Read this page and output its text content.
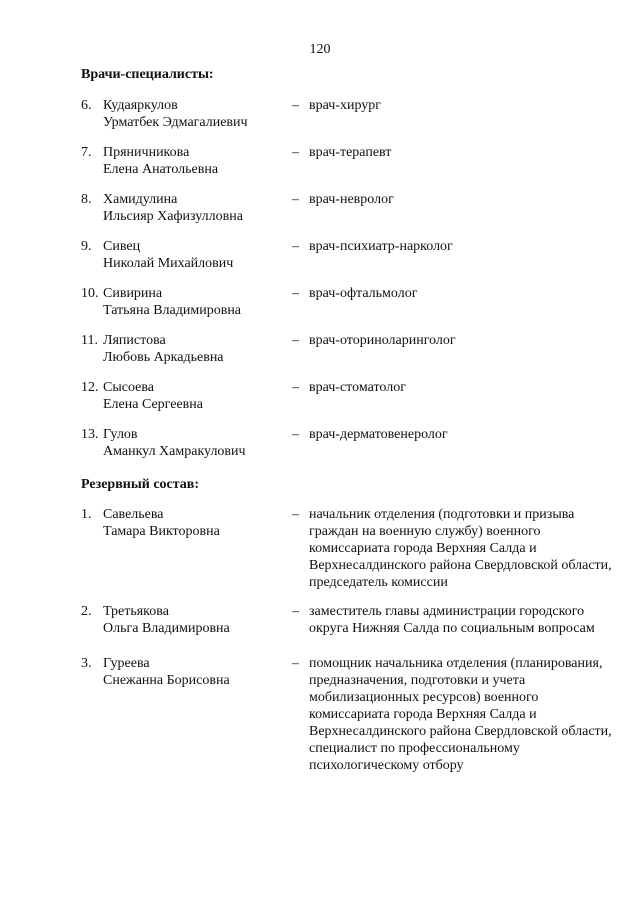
120
Врачи-специалисты:
6. Кудаяркулов
Урматбек Эдмагалиевич
– врач-хирург
7. Пряничникова
Елена Анатольевна
– врач-терапевт
8. Хамидулина
Ильсияр Хафизулловна
– врач-невролог
9. Сивец
Николай Михайлович
– врач-психиатр-нарколог
10. Сивирина
Татьяна Владимировна
– врач-офтальмолог
11. Ляпистова
Любовь Аркадьевна
– врач-оториноларинголог
12. Сысоева
Елена Сергеевна
– врач-стоматолог
13. Гулов
Аманкул Хамракулович
– врач-дерматовенеролог
Резервный состав:
1. Савельева
Тамара Викторовна
– начальник отделения (подготовки и призыва граждан на военную службу) военного комиссариата города Верхняя Салда и Верхнесалдинского района Свердловской области, председатель комиссии
2. Третьякова
Ольга Владимировна
– заместитель главы администрации городского округа Нижняя Салда по социальным вопросам
3. Гуреева
Снежанна Борисовна
– помощник начальника отделения (планирования, предназначения, подготовки и учета мобилизационных ресурсов) военного комиссариата города Верхняя Салда и Верхнесалдинского района Свердловской области, специалист по профессиональному психологическому отбору
